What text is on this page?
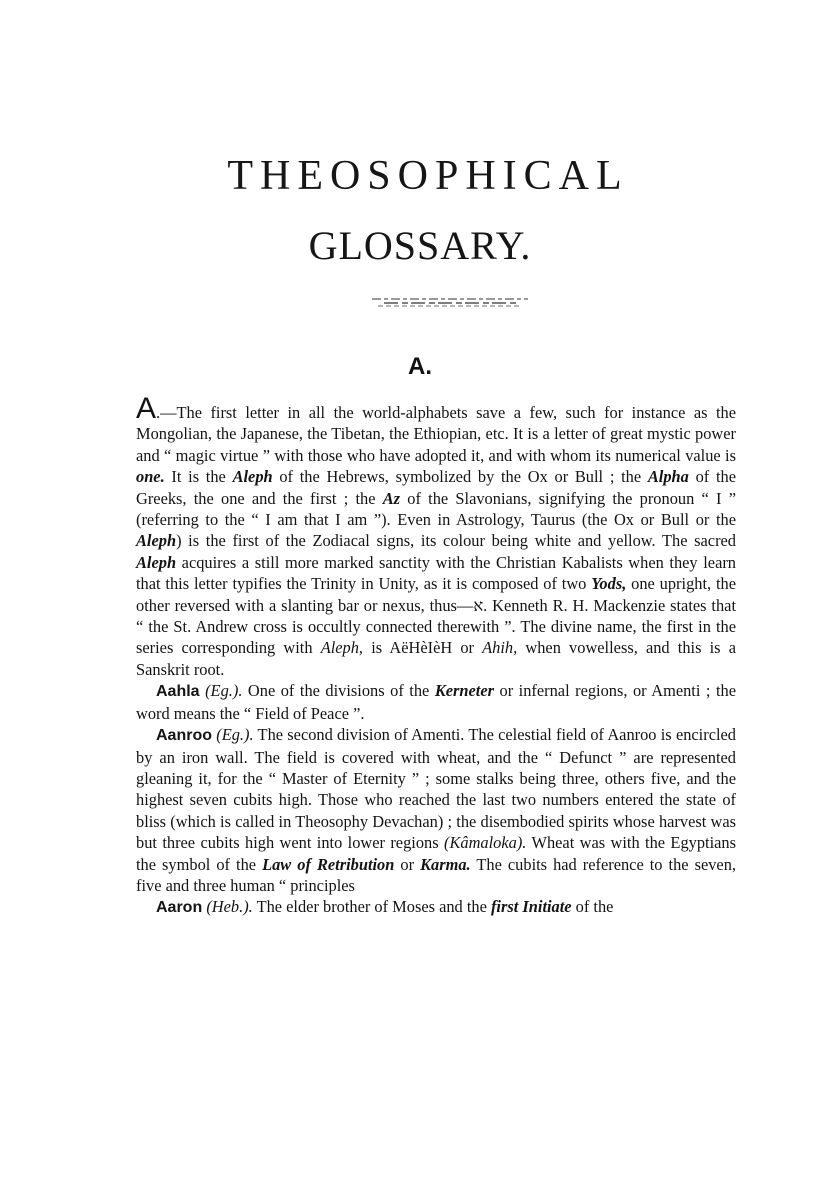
THEOSOPHICAL
GLOSSARY.
A.

A.—The first letter in all the world-alphabets save a few, such for instance as the Mongolian, the Japanese, the Tibetan, the Ethiopian, etc. It is a letter of great mystic power and “ magic virtue ” with those who have adopted it, and with whom its numerical value is one. It is the Aleph of the Hebrews, symbolized by the Ox or Bull ; the Alpha of the Greeks, the one and the first ; the Az of the Slavonians, signifying the pronoun “ I ” (referring to the “ I am that I am ”). Even in Astrology, Taurus (the Ox or Bull or the Aleph) is the first of the Zodiacal signs, its colour being white and yellow. The sacred Aleph acquires a still more marked sanctity with the Christian Kabalists when they learn that this letter typifies the Trinity in Unity, as it is composed of two Yods, one upright, the other reversed with a slanting bar or nexus, thus—א. Kenneth R. H. Mackenzie states that “ the St. Andrew cross is occultly connected therewith ”. The divine name, the first in the series corresponding with Aleph, is AëHèIèH or Ahih, when vowelless, and this is a Sanskrit root.

Aahla (Eg.). One of the divisions of the Kerneter or infernal regions, or Amenti ; the word means the “ Field of Peace ”.

Aanroo (Eg.). The second division of Amenti. The celestial field of Aanroo is encircled by an iron wall. The field is covered with wheat, and the “ Defunct ” are represented gleaning it, for the “ Master of Eternity ” ; some stalks being three, others five, and the highest seven cubits high. Those who reached the last two numbers entered the state of bliss (which is called in Theosophy Devachan) ; the disembodied spirits whose harvest was but three cubits high went into lower regions (Kâmaloka). Wheat was with the Egyptians the symbol of the Law of Retribution or Karma. The cubits had reference to the seven, five and three human “ principles

Aaron (Heb.). The elder brother of Moses and the first Initiate of the
